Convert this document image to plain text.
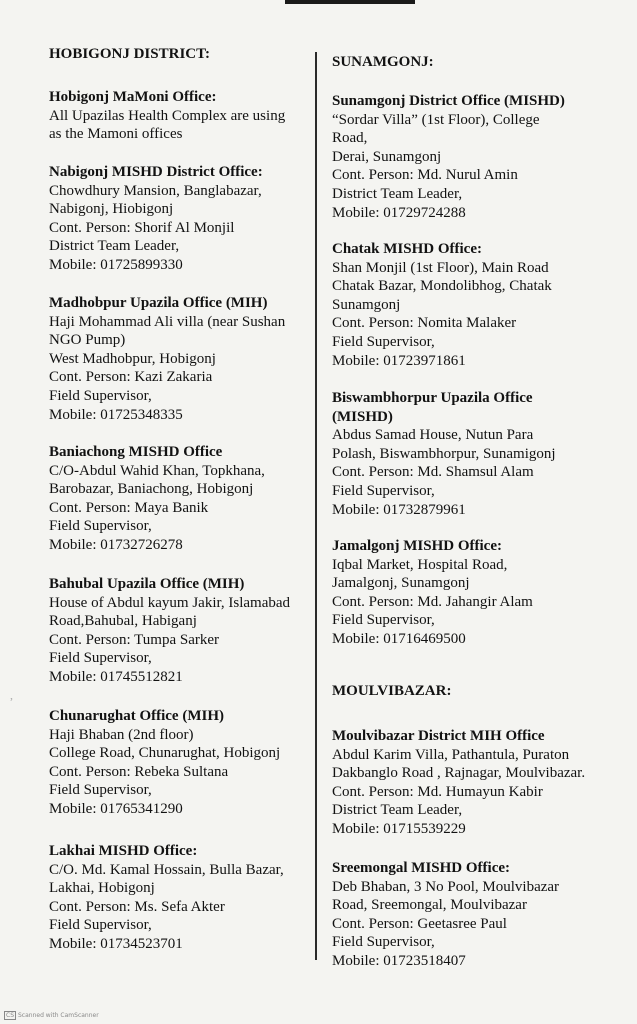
HOBIGONJ DISTRICT:
Hobigonj MaMoni Office:
All Upazilas Health Complex are using
as the Mamoni offices
Nabigonj MISHD District Office:
Chowdhury Mansion, Banglabazar,
Nabigonj, Hiobigonj
Cont. Person: Shorif Al Monjil
District Team Leader,
Mobile: 01725899330
Madhobpur Upazila Office (MIH)
Haji Mohammad Ali villa (near Sushan
NGO Pump)
West Madhobpur, Hobigonj
Cont. Person: Kazi Zakaria
Field Supervisor,
Mobile: 01725348335
Baniachong MISHD Office
C/O-Abdul Wahid Khan, Topkhana,
Barobazar, Baniachong, Hobigonj
Cont. Person: Maya Banik
Field Supervisor,
Mobile: 01732726278
Bahubal Upazila Office (MIH)
House of Abdul kayum Jakir, Islamabad
Road,Bahubal, Habiganj
Cont. Person: Tumpa Sarker
Field Supervisor,
Mobile: 01745512821
Chunarughat Office (MIH)
Haji Bhaban (2nd floor)
College Road, Chunarughat, Hobigonj
Cont. Person: Rebeka Sultana
Field Supervisor,
Mobile: 01765341290
Lakhai MISHD Office:
C/O. Md. Kamal Hossain, Bulla Bazar,
Lakhai, Hobigonj
Cont. Person: Ms. Sefa Akter
Field Supervisor,
Mobile: 01734523701
SUNAMGONJ:
Sunamgonj District Office (MISHD)
“Sordar Villa” (1st Floor), College
Road,
Derai, Sunamgonj
Cont. Person: Md. Nurul Amin
District Team Leader,
Mobile: 01729724288
Chatak MISHD Office:
Shan Monjil (1st Floor), Main Road
Chatak Bazar, Mondolibhog, Chatak
Sunamgonj
Cont. Person: Nomita Malaker
Field Supervisor,
Mobile: 01723971861
Biswambhorpur Upazila Office
(MISHD)
Abdus Samad House, Nutun Para
Polash, Biswambhorpur, Sunamigonj
Cont. Person: Md. Shamsul Alam
Field Supervisor,
Mobile: 01732879961
Jamalgonj MISHD Office:
Iqbal Market, Hospital Road,
Jamalgonj, Sunamgonj
Cont. Person: Md. Jahangir Alam
Field Supervisor,
Mobile: 01716469500
MOULVIBAZAR:
Moulvibazar District MIH Office
Abdul Karim Villa, Pathantula, Puraton
Dakbanglo Road , Rajnagar, Moulvibazar.
Cont. Person: Md. Humayun Kabir
District Team Leader,
Mobile: 01715539229
Sreemongal MISHD Office:
Deb Bhaban, 3 No Pool, Moulvibazar
Road, Sreemongal, Moulvibazar
Cont. Person: Geetasree Paul
Field Supervisor,
Mobile: 01723518407
,
CS Scanned with CamScanner
